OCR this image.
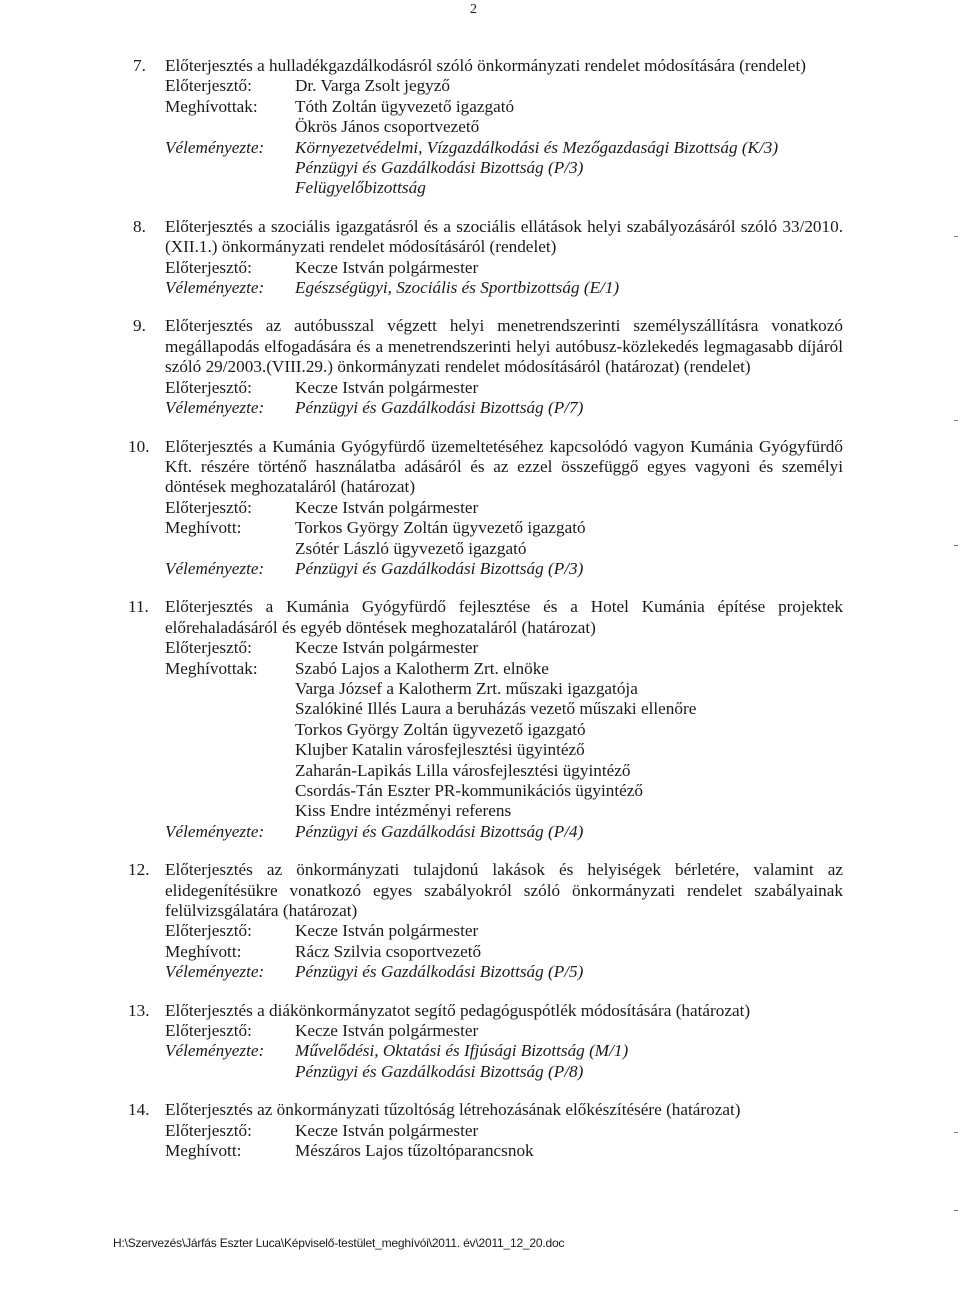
2
7. Előterjesztés a hulladékgazdálkodásról szóló önkormányzati rendelet módosítására (rendelet)
Előterjesztő:	Dr. Varga Zsolt jegyző
Meghívottak:	Tóth Zoltán ügyvezető igazgató
Ökrös János csoportvezető
Véleményezte:	Környezetvédelmi, Vízgazdálkodási és Mezőgazdasági Bizottság (K/3)
Pénzügyi és Gazdálkodási Bizottság (P/3)
Felügyelőbizottság
8. Előterjesztés a szociális igazgatásról és a szociális ellátások helyi szabályozásáról szóló 33/2010.(XII.1.) önkormányzati rendelet módosításáról (rendelet)
Előterjesztő:	Kecze István polgármester
Véleményezte:	Egészségügyi, Szociális és Sportbizottság (E/1)
9. Előterjesztés az autóbusszal végzett helyi menetrendszerinti személyszállításra vonatkozó megállapodás elfogadására és a menetrendszerinti helyi autóbusz-közlekedés legmagasabb díjáról szóló 29/2003.(VIII.29.) önkormányzati rendelet módosításáról (határozat) (rendelet)
Előterjesztő:	Kecze István polgármester
Véleményezte:	Pénzügyi és Gazdálkodási Bizottság (P/7)
10. Előterjesztés a Kumánia Gyógyfürdő üzemeltetéséhez kapcsolódó vagyon Kumánia Gyógyfürdő Kft. részére történő használatba adásáról és az ezzel összefüggő egyes vagyoni és személyi döntések meghozataláról (határozat)
Előterjesztő:	Kecze István polgármester
Meghívott:	Torkos György Zoltán ügyvezető igazgató
Zsótér László ügyvezető igazgató
Véleményezte:	Pénzügyi és Gazdálkodási Bizottság (P/3)
11. Előterjesztés a Kumánia Gyógyfürdő fejlesztése és a Hotel Kumánia építése projektek előrehaladásáról és egyéb döntések meghozataláról (határozat)
Előterjesztő:	Kecze István polgármester
Meghívottak:	Szabó Lajos a Kalotherm Zrt. elnöke
Varga József a Kalotherm Zrt. műszaki igazgatója
Szalókiné Illés Laura a beruházás vezető műszaki ellenőre
Torkos György Zoltán ügyvezető igazgató
Klujber Katalin városfejlesztési ügyintéző
Zaharán-Lapikás Lilla városfejlesztési ügyintéző
Csordás-Tán Eszter PR-kommunikációs ügyintéző
Kiss Endre intézményi referens
Véleményezte:	Pénzügyi és Gazdálkodási Bizottság (P/4)
12. Előterjesztés az önkormányzati tulajdonú lakások és helyiségek bérletére, valamint az elidegenítésükre vonatkozó egyes szabályokról szóló önkormányzati rendelet szabályainak felülvizsgálatára (határozat)
Előterjesztő:	Kecze István polgármester
Meghívott:	Rácz Szilvia csoportvezető
Véleményezte:	Pénzügyi és Gazdálkodási Bizottság (P/5)
13. Előterjesztés a diákönkormányzatot segítő pedagóguspótlék módosítására (határozat)
Előterjesztő:	Kecze István polgármester
Véleményezte:	Művelődési, Oktatási és Ifjúsági Bizottság (M/1)
Pénzügyi és Gazdálkodási Bizottság (P/8)
14. Előterjesztés az önkormányzati tűzoltóság létrehozásának előkészítésére (határozat)
Előterjesztő:	Kecze István polgármester
Meghívott:	Mészáros Lajos tűzoltóparancsnok
H:\Szervezés\Járfás Eszter Luca\Képviselő-testület_meghívói\2011. év\2011_12_20.doc
